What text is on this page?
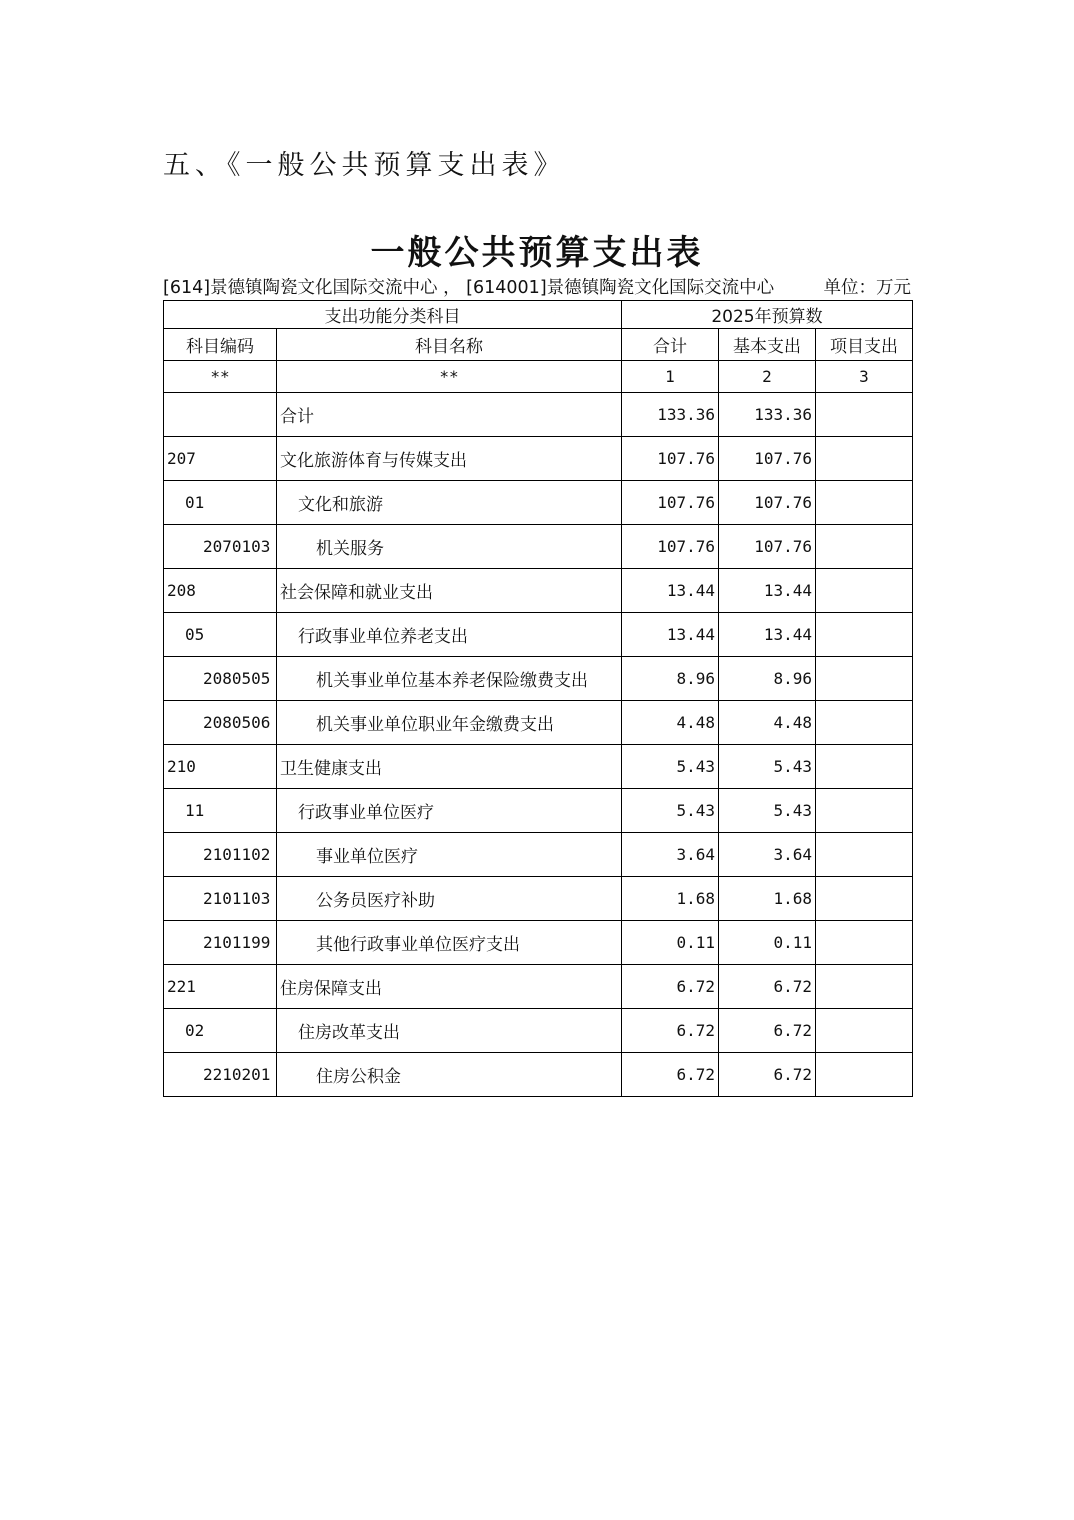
五、《一般公共预算支出表》
一般公共预算支出表
[614]景德镇陶瓷文化国际交流中心 ， [614001]景德镇陶瓷文化国际交流中心	单位：万元
支出功能分类科目		2025年预算数		
科目编码	科目名称	合计	基本支出	项目支出
**	**	1	2	3
	合计	133.36	133.36	
207	文化旅游体育与传媒支出	107.76	107.76	
01	文化和旅游	107.76	107.76	
2070103	机关服务	107.76	107.76	
208	社会保障和就业支出	13.44	13.44	
05	行政事业单位养老支出	13.44	13.44	
2080505	机关事业单位基本养老保险缴费支出	8.96	8.96	
2080506	机关事业单位职业年金缴费支出	4.48	4.48	
210	卫生健康支出	5.43	5.43	
11	行政事业单位医疗	5.43	5.43	
2101102	事业单位医疗	3.64	3.64	
2101103	公务员医疗补助	1.68	1.68	
2101199	其他行政事业单位医疗支出	0.11	0.11	
221	住房保障支出	6.72	6.72	
02	住房改革支出	6.72	6.72	
2210201	住房公积金	6.72	6.72	
